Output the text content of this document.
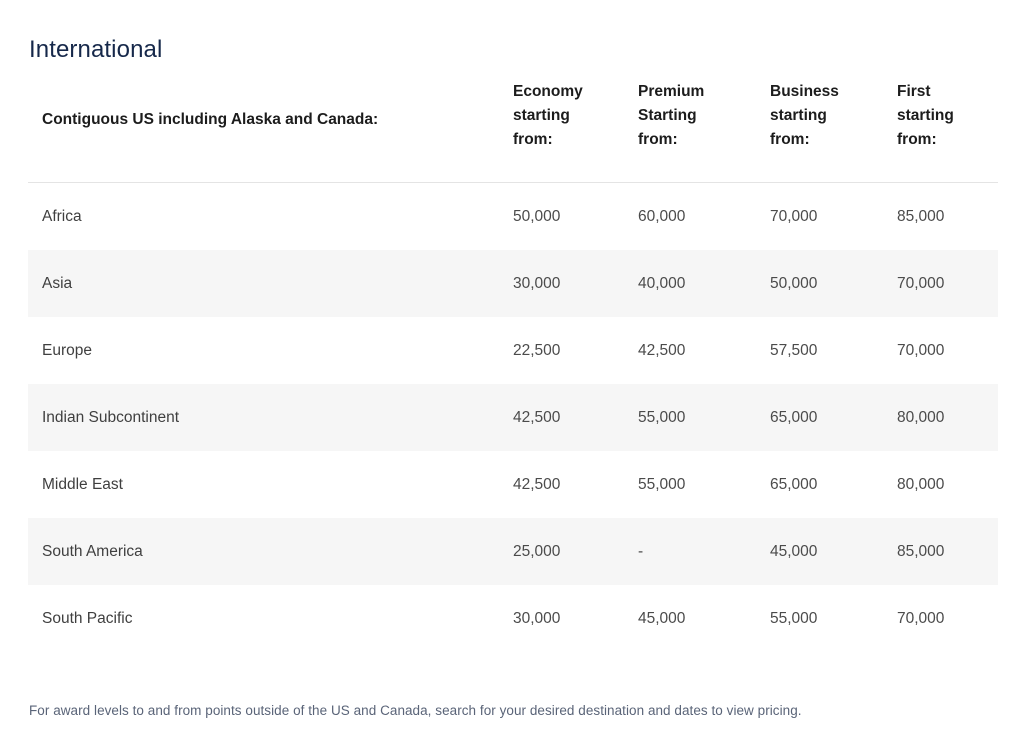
International
Contiguous US including Alaska and Canada:	Economy
starting
from:	Premium
Starting
from:	Business
starting
from:	First
starting
from:

Africa	50,000	60,000	70,000	85,000
Asia	30,000	40,000	50,000	70,000
Europe	22,500	42,500	57,500	70,000
Indian Subcontinent	42,500	55,000	65,000	80,000
Middle East	42,500	55,000	65,000	80,000
South America	25,000	-	45,000	85,000
South Pacific	30,000	45,000	55,000	70,000

For award levels to and from points outside of the US and Canada, search for your desired destination and dates to view pricing.
